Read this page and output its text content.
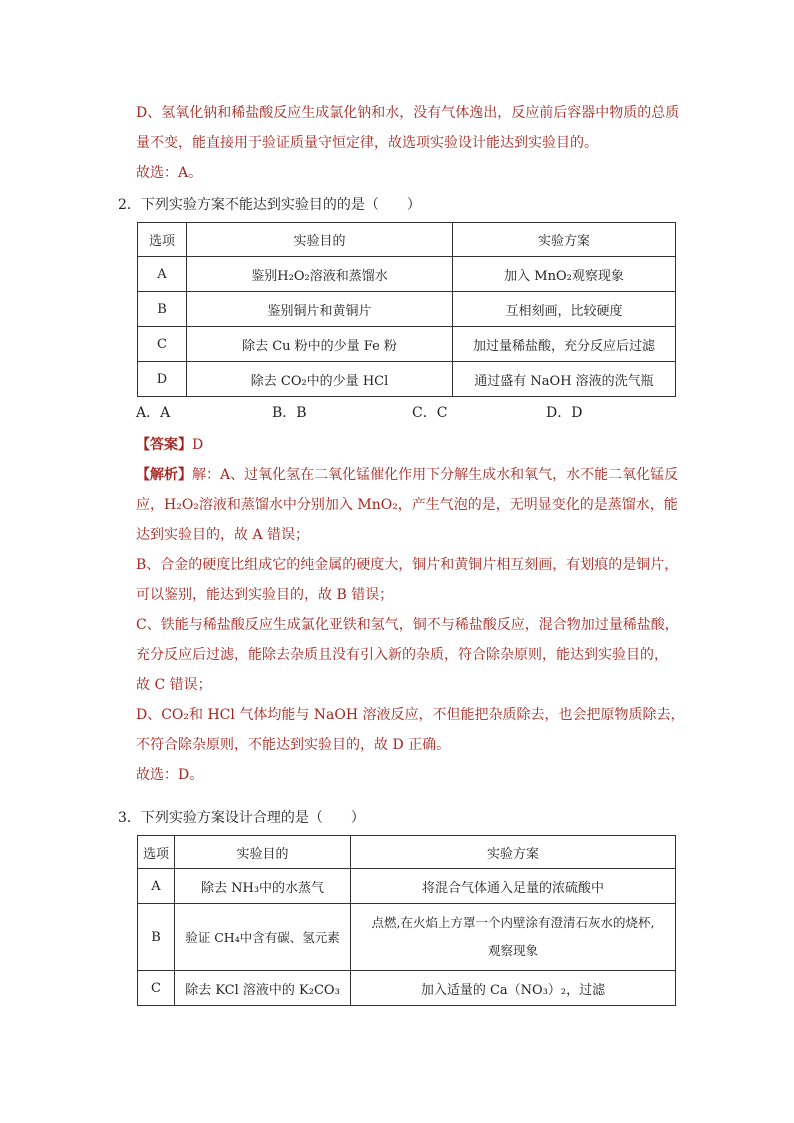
D、氢氧化钠和稀盐酸反应生成氯化钠和水，没有气体逸出，反应前后容器中物质的总质
量不变，能直接用于验证质量守恒定律，故选项实验设计能达到实验目的。
故选：A。
2．下列实验方案不能达到实验目的的是（　　）
选项	实验目的	实验方案
A	鉴别H₂O₂溶液和蒸馏水	加入 MnO₂观察现象
B	鉴别铜片和黄铜片	互相刻画，比较硬度
C	除去 Cu 粉中的少量 Fe 粉	加过量稀盐酸，充分反应后过滤
D	除去 CO₂中的少量 HCl	通过盛有 NaOH 溶液的洗气瓶
A．A	B．B	C．C	D．D
【答案】D
【解析】解：A、过氧化氢在二氧化锰催化作用下分解生成水和氧气，水不能二氧化锰反
应，H₂O₂溶液和蒸馏水中分别加入 MnO₂，产生气泡的是，无明显变化的是蒸馏水，能
达到实验目的，故 A 错误；
B、合金的硬度比组成它的纯金属的硬度大，铜片和黄铜片相互刻画，有划痕的是铜片，
可以鉴别，能达到实验目的，故 B 错误；
C、铁能与稀盐酸反应生成氯化亚铁和氢气，铜不与稀盐酸反应，混合物加过量稀盐酸，
充分反应后过滤，能除去杂质且没有引入新的杂质，符合除杂原则，能达到实验目的，
故 C 错误；
D、CO₂和 HCl 气体均能与 NaOH 溶液反应，不但能把杂质除去，也会把原物质除去，
不符合除杂原则，不能达到实验目的，故 D 正确。
故选：D。
3．下列实验方案设计合理的是（　　）
选项	实验目的	实验方案
A	除去 NH₃中的水蒸气	将混合气体通入足量的浓硫酸中
B	验证 CH₄中含有碳、氢元素	点燃,在火焰上方罩一个内壁涂有澄清石灰水的烧杯,
观察现象

C	除去 KCl 溶液中的 K₂CO₃	加入适量的 Ca（NO₃）₂，过滤
